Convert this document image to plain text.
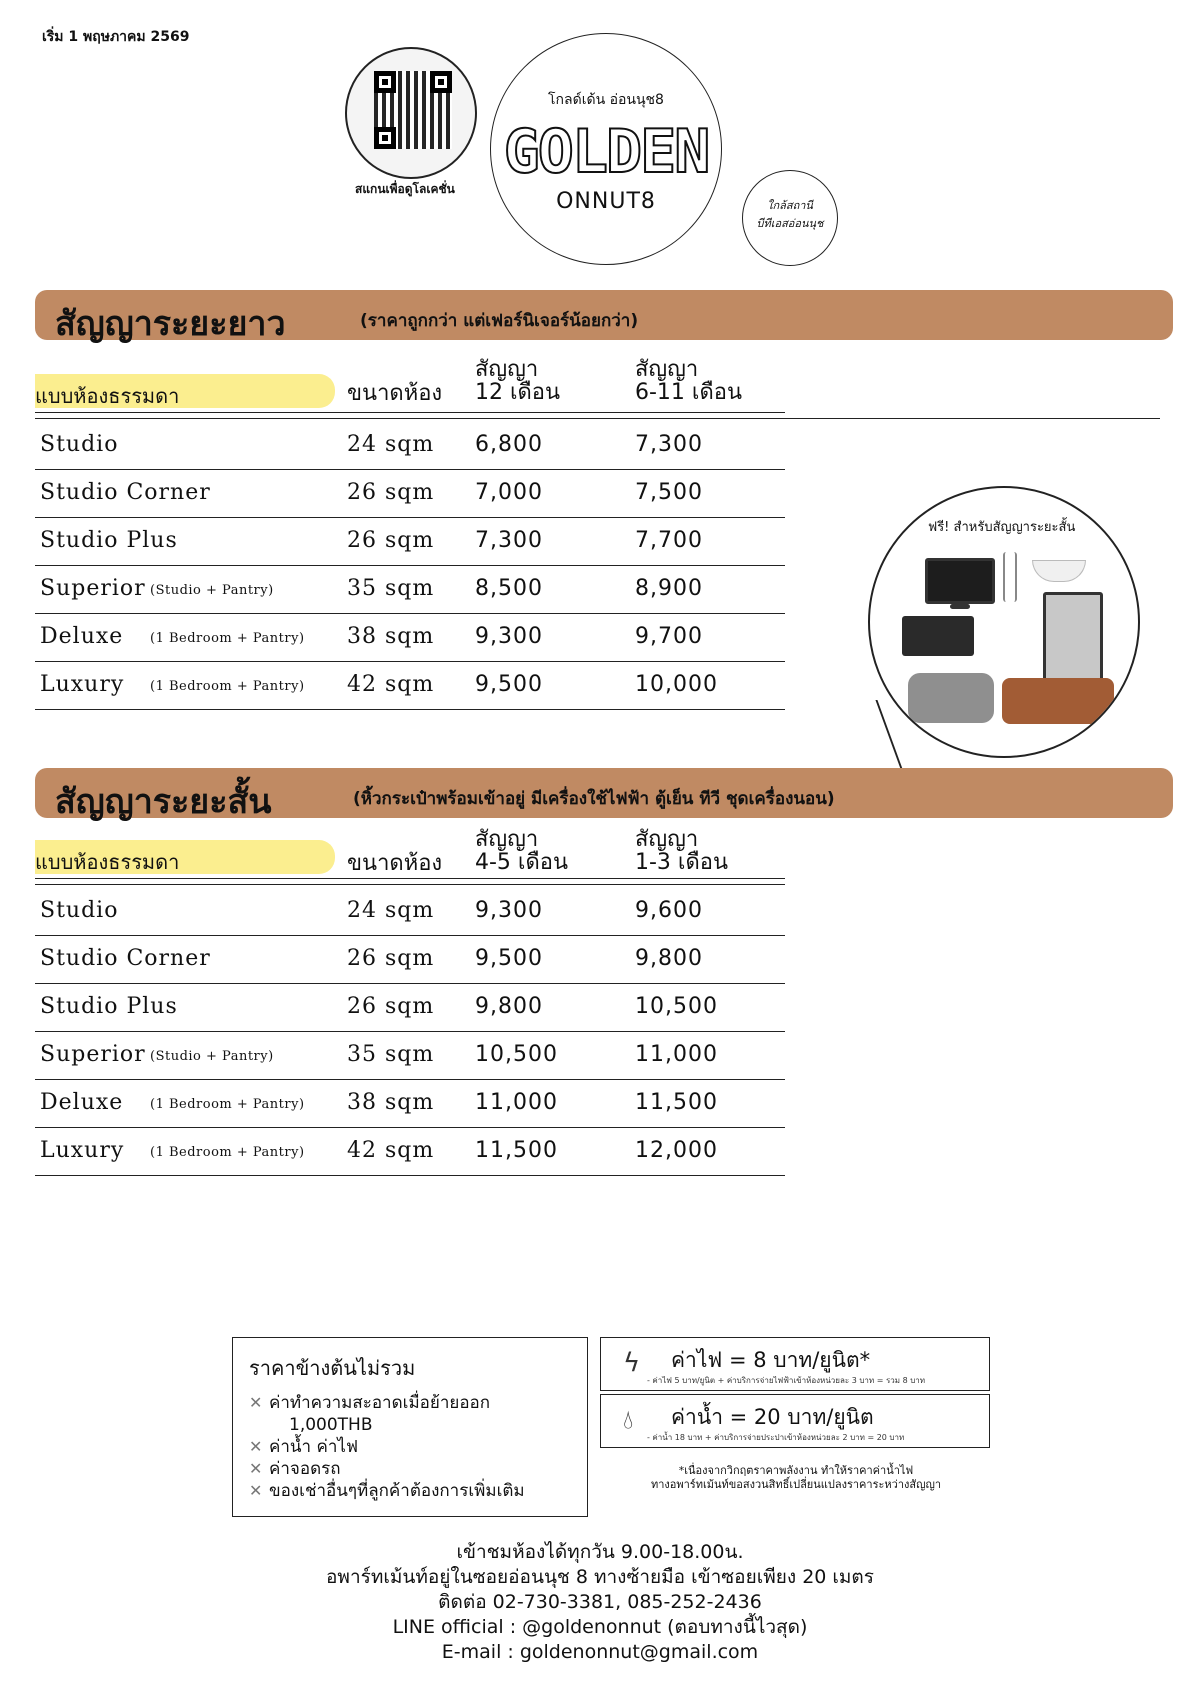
เริ่ม 1 พฤษภาคม 2569
สแกนเพื่อดูโลเคชั่น
โกลด์เด้น อ่อนนุช8
GOLDEN
ONNUT8	ใกล้สถานี
บีทีเอสอ่อนนุช
สัญญาระยะยาว	(ราคาถูกกว่า แต่เฟอร์นิเจอร์น้อยกว่า)
แบบห้องธรรมดา	ขนาดห้อง
สัญญา
12 เดือน
สัญญา
6-11 เดือน
Studio	24 sqm 6,800	7,300
Studio Corner	26 sqm 7,000	7,500
Studio Plus	26 sqm 7,300	7,700
Superior	35 sqm 8,500	8,900
(Studio + Pantry)
Deluxe	38 sqm 9,300	9,700
(1 Bedroom + Pantry)
Luxury	42 sqm 9,500	10,000
(1 Bedroom + Pantry)
ฟรี! สำหรับสัญญาระยะสั้น
สัญญาระยะสั้น	(หิ้วกระเป๋าพร้อมเข้าอยู่ มีเครื่องใช้ไฟฟ้า ตู้เย็น ทีวี ชุดเครื่องนอน)
แบบห้องธรรมดา	ขนาดห้อง
สัญญา
4-5 เดือน
สัญญา
1-3 เดือน
Studio	24 sqm 9,300	9,600
Studio Corner	26 sqm 9,500	9,800
Studio Plus	26 sqm 9,800	10,500
Superior	35 sqm 10,500	11,000
(Studio + Pantry)
Deluxe	38 sqm 11,000	11,500
(1 Bedroom + Pantry)
Luxury	42 sqm 11,500	12,000
(1 Bedroom + Pantry)
ราคาข้างต้นไม่รวม
✕ ค่าทำความสะอาดเมื่อย้ายออก
1,000THB
✕ ค่าน้ำ ค่าไฟ
✕ ค่าจอดรถ
✕ ของเช่าอื่นๆที่ลูกค้าต้องการเพิ่มเติม
ϟ ค่าไฟ = 8 บาท/ยูนิต*
- ค่าไฟ 5 บาท/ยูนิต + ค่าบริการจ่ายไฟฟ้าเข้าห้องหน่วยละ 3 บาท = รวม 8 บาท
💧︎ ค่าน้ำ = 20 บาท/ยูนิต
- ค่าน้ำ 18 บาท + ค่าบริการจ่ายประปาเข้าห้องหน่วยละ 2 บาท = 20 บาท
*เนื่องจากวิกฤตราคาพลังงาน ทำให้ราคาค่าน้ำไฟ
ทางอพาร์ทเม้นท์ขอสงวนสิทธิ์เปลี่ยนแปลงราคาระหว่างสัญญา
เข้าชมห้องได้ทุกวัน 9.00-18.00น.
อพาร์ทเม้นท์อยู่ในซอยอ่อนนุช 8 ทางซ้ายมือ เข้าซอยเพียง 20 เมตร
ติดต่อ 02-730-3381, 085-252-2436
LINE official : @goldenonnut (ตอบทางนี้ไวสุด)
E-mail : goldenonnut@gmail.com
